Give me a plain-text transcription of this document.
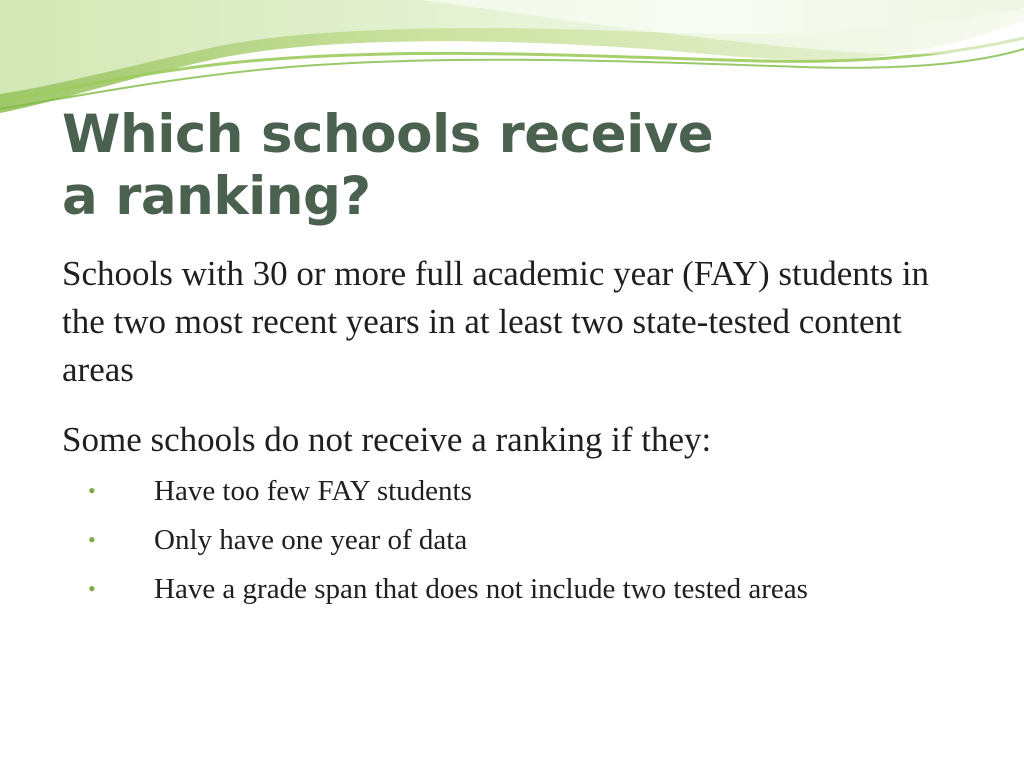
Which schools receive
a ranking?

Schools with 30 or more full academic year (FAY) students in the two most recent years in at least two state-tested content areas

Some schools do not receive a ranking if they:

•	Have too few FAY students
•	Only have one year of data
•	Have a grade span that does not include two tested areas
